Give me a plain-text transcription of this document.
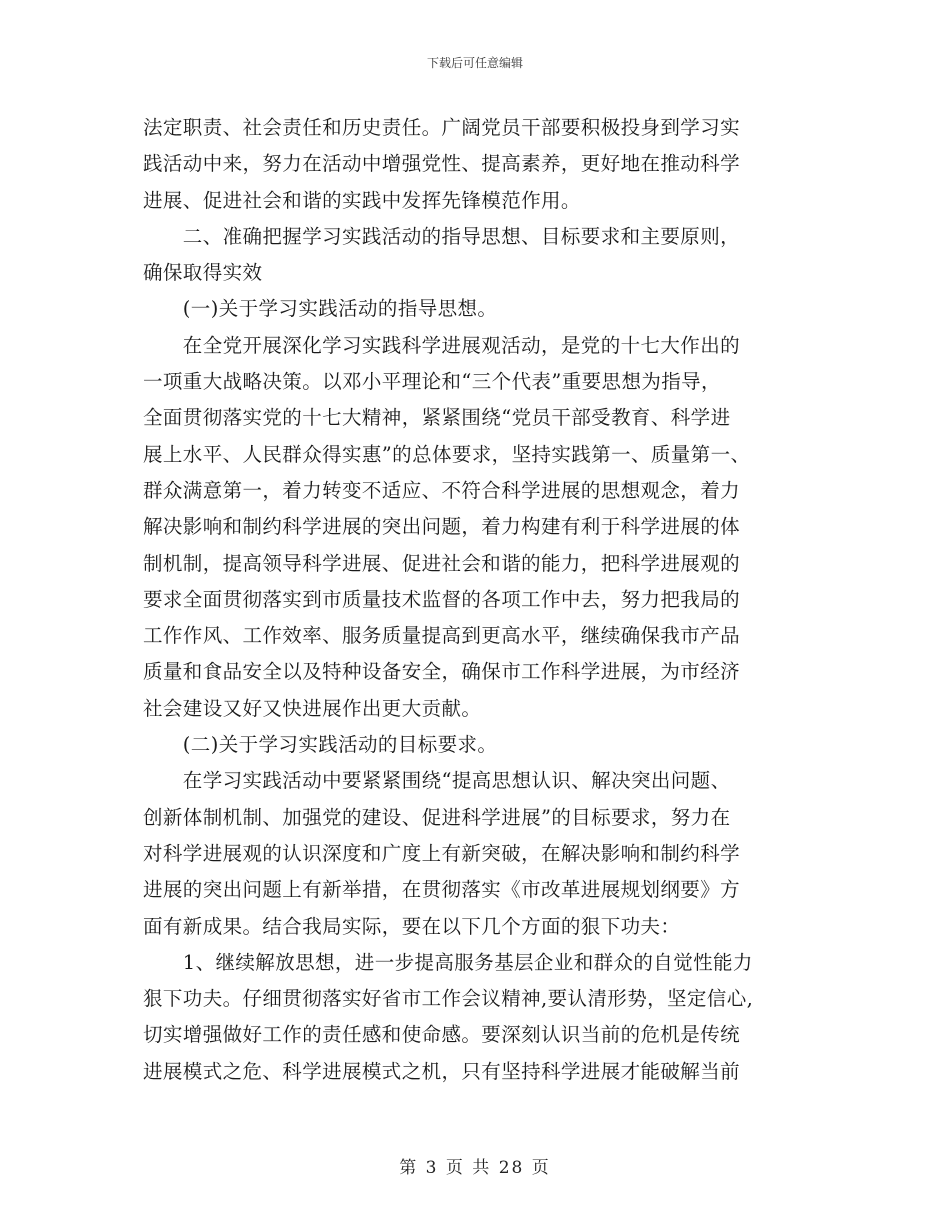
下载后可任意编辑
法定职责、社会责任和历史责任。广阔党员干部要积极投身到学习实
践活动中来，努力在活动中增强党性、提高素养，更好地在推动科学
进展、促进社会和谐的实践中发挥先锋模范作用。
　　二、准确把握学习实践活动的指导思想、目标要求和主要原则，
确保取得实效
　　(一)关于学习实践活动的指导思想。
　　在全党开展深化学习实践科学进展观活动，是党的十七大作出的
一项重大战略决策。以邓小平理论和“三个代表”重要思想为指导，
全面贯彻落实党的十七大精神，紧紧围绕“党员干部受教育、科学进
展上水平、人民群众得实惠”的总体要求，坚持实践第一、质量第一、
群众满意第一，着力转变不适应、不符合科学进展的思想观念，着力
解决影响和制约科学进展的突出问题，着力构建有利于科学进展的体
制机制，提高领导科学进展、促进社会和谐的能力，把科学进展观的
要求全面贯彻落实到市质量技术监督的各项工作中去，努力把我局的
工作作风、工作效率、服务质量提高到更高水平，继续确保我市产品
质量和食品安全以及特种设备安全，确保市工作科学进展，为市经济
社会建设又好又快进展作出更大贡献。
　　(二)关于学习实践活动的目标要求。
　　在学习实践活动中要紧紧围绕“提高思想认识、解决突出问题、
创新体制机制、加强党的建设、促进科学进展”的目标要求，努力在
对科学进展观的认识深度和广度上有新突破，在解决影响和制约科学
进展的突出问题上有新举措，在贯彻落实《市改革进展规划纲要》方
面有新成果。结合我局实际，要在以下几个方面的狠下功夫：
　　1、继续解放思想，进一步提高服务基层企业和群众的自觉性能力
狠下功夫。仔细贯彻落实好省市工作会议精神,要认清形势，坚定信心,
切实增强做好工作的责任感和使命感。要深刻认识当前的危机是传统
进展模式之危、科学进展模式之机，只有坚持科学进展才能破解当前
第 3 页 共 28 页
